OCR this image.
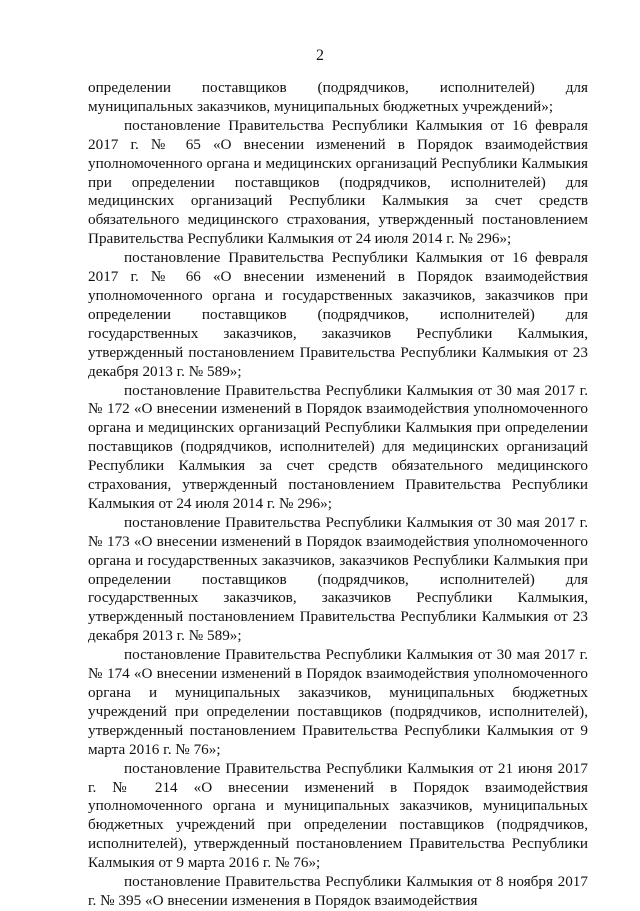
2

определении поставщиков (подрядчиков, исполнителей) для муниципальных заказчиков, муниципальных бюджетных учреждений»;

постановление Правительства Республики Калмыкия от 16 февраля 2017 г. № 65 «О внесении изменений в Порядок взаимодействия уполномоченного органа и медицинских организаций Республики Калмыкия при определении поставщиков (подрядчиков, исполнителей) для медицинских организаций Республики Калмыкия за счет средств обязательного медицинского страхования, утвержденный постановлением Правительства Республики Калмыкия от 24 июля 2014 г. № 296»;

постановление Правительства Республики Калмыкия от 16 февраля 2017 г. № 66 «О внесении изменений в Порядок взаимодействия уполномоченного органа и государственных заказчиков, заказчиков при определении поставщиков (подрядчиков, исполнителей) для государственных заказчиков, заказчиков Республики Калмыкия, утвержденный постановлением Правительства Республики Калмыкия от 23 декабря 2013 г. № 589»;

постановление Правительства Республики Калмыкия от 30 мая 2017 г. № 172 «О внесении изменений в Порядок взаимодействия уполномоченного органа и медицинских организаций Республики Калмыкия при определении поставщиков (подрядчиков, исполнителей) для медицинских организаций Республики Калмыкия за счет средств обязательного медицинского страхования, утвержденный постановлением Правительства Республики Калмыкия от 24 июля 2014 г. № 296»;

постановление Правительства Республики Калмыкия от 30 мая 2017 г. № 173 «О внесении изменений в Порядок взаимодействия уполномоченного органа и государственных заказчиков, заказчиков Республики Калмыкия при определении поставщиков (подрядчиков, исполнителей) для государственных заказчиков, заказчиков Республики Калмыкия, утвержденный постановлением Правительства Республики Калмыкия от 23 декабря 2013 г. № 589»;

постановление Правительства Республики Калмыкия от 30 мая 2017 г. № 174 «О внесении изменений в Порядок взаимодействия уполномоченного органа и муниципальных заказчиков, муниципальных бюджетных учреждений при определении поставщиков (подрядчиков, исполнителей), утвержденный постановлением Правительства Республики Калмыкия от 9 марта 2016 г. № 76»;

постановление Правительства Республики Калмыкия от 21 июня 2017 г. № 214 «О внесении изменений в Порядок взаимодействия уполномоченного органа и муниципальных заказчиков, муниципальных бюджетных учреждений при определении поставщиков (подрядчиков, исполнителей), утвержденный постановлением Правительства Республики Калмыкия от 9 марта 2016 г. № 76»;

постановление Правительства Республики Калмыкия от 8 ноября 2017 г. № 395 «О внесении изменения в Порядок взаимодействия
